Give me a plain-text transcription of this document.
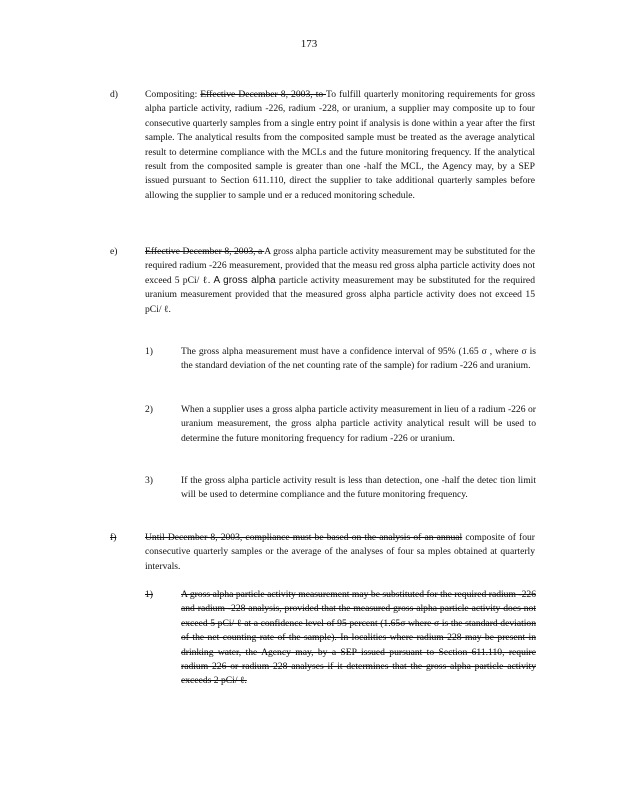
173
d)	Compositing: Effective December 8, 2003, to To fulfill quarterly monitoring requirements for gross alpha particle activity, radium -226, radium -228, or uranium, a supplier may composite up to four consecutive quarterly samples from a single entry point if analysis is done within a year after the first sample. The analytical results from the composited sample must be treated as the average analytical result to determine compliance with the MCLs and the future monitoring frequency. If the analytical result from the composited sample is greater than one -half the MCL, the Agency may, by a SEP issued pursuant to Section 611.110, direct the supplier to take additional quarterly samples before allowing the supplier to sample und er a reduced monitoring schedule.
e)	Effective December 8, 2003, a A gross alpha particle activity measurement may be substituted for the required radium -226 measurement, provided that the measu red gross alpha particle activity does not exceed 5 pCi/ ℓ. A gross alpha particle activity measurement may be substituted for the required uranium measurement provided that the measured gross alpha particle activity does not exceed 15 pCi/ ℓ.
1)	The gross alpha measurement must have a confidence interval of 95% (1.65 σ , where σ is the standard deviation of the net counting rate of the sample) for radium -226 and uranium.
2)	When a supplier uses a gross alpha particle activity measurement in lieu of a radium -226 or uranium measurement, the gross alpha particle activity analytical result will be used to determine the future monitoring frequency for radium -226 or uranium.
3)	If the gross alpha particle activity result is less than detection, one -half the detec tion limit will be used to determine compliance and the future monitoring frequency.
f)	Until December 8, 2003, compliance must be based on the analysis of an annual composite of four consecutive quarterly samples or the average of the analyses of four sa mples obtained at quarterly intervals.
1)	A gross alpha particle activity measurement may be substituted for the required radium -226 and radium -228 analysis, provided that the measured gross alpha particle activity does not exceed 5 pCi/ ℓ at a confidence level of 95 percent (1.65σ where σ is the standard deviation of the net counting rate of the sample). In localities where radium 228 may be present in drinking water, the Agency may, by a SEP issued pursuant to Section 611.110, require radium 226 or radium 228 analyses if it determines that the gross alpha particle activity exceeds 2 pCi/ ℓ.
